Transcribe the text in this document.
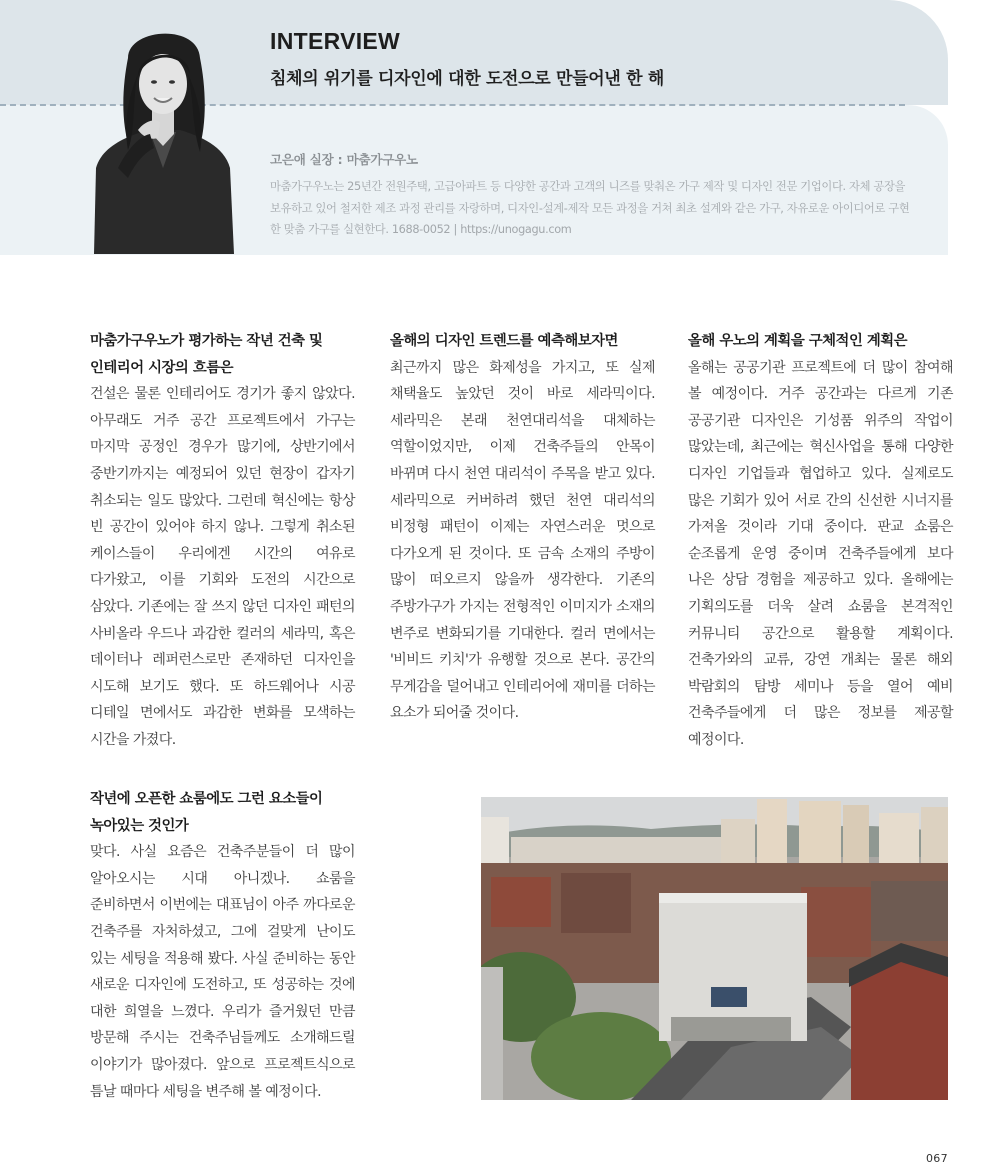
INTERVIEW
침체의 위기를 디자인에 대한 도전으로 만들어낸 한 해
고은애 실장 : 마춤가구우노
마춤가구우노는 25년간 전원주택, 고급아파트 등 다양한 공간과 고객의 니즈를 맞춰온 가구 제작 및 디자인 전문 기업이다. 자체 공장을 보유하고 있어 철저한 제조 과정 관리를 자랑하며, 디자인-설계-제작 모든 과정을 거쳐 최초 설계와 같은 가구, 자유로운 아이디어로 구현한 맞춤 가구를 실현한다. 1688-0052 | https://unogagu.com
마춤가구우노가 평가하는 작년 건축 및 인테리어 시장의 흐름은

건설은 물론 인테리어도 경기가 좋지 않았다. 아무래도 거주 공간 프로젝트에서 가구는 마지막 공정인 경우가 많기에, 상반기에서 중반기까지는 예정되어 있던 현장이 갑자기 취소되는 일도 많았다. 그런데 혁신에는 항상 빈 공간이 있어야 하지 않나. 그렇게 취소된 케이스들이 우리에겐 시간의 여유로 다가왔고, 이를 기회와 도전의 시간으로 삼았다. 기존에는 잘 쓰지 않던 디자인 패턴의 사비올라 우드나 과감한 컬러의 세라믹, 혹은 데이터나 레퍼런스로만 존재하던 디자인을 시도해 보기도 했다. 또 하드웨어나 시공 디테일 면에서도 과감한 변화를 모색하는 시간을 가졌다.

작년에 오픈한 쇼룸에도 그런 요소들이 녹아있는 것인가

맞다. 사실 요즘은 건축주분들이 더 많이 알아오시는 시대 아니겠나. 쇼룸을 준비하면서 이번에는 대표님이 아주 까다로운 건축주를 자처하셨고, 그에 걸맞게 난이도 있는 세팅을 적용해 봤다. 사실 준비하는 동안 새로운 디자인에 도전하고, 또 성공하는 것에 대한 희열을 느꼈다. 우리가 즐거웠던 만큼 방문해 주시는 건축주님들께도 소개해드릴 이야기가 많아졌다. 앞으로 프로젝트식으로 틈날 때마다 세팅을 변주해 볼 예정이다.

올해의 디자인 트렌드를 예측해보자면

최근까지 많은 화제성을 가지고, 또 실제 채택율도 높았던 것이 바로 세라믹이다. 세라믹은 본래 천연대리석을 대체하는 역할이었지만, 이제 건축주들의 안목이 바뀌며 다시 천연 대리석이 주목을 받고 있다. 세라믹으로 커버하려 했던 천연 대리석의 비정형 패턴이 이제는 자연스러운 멋으로 다가오게 된 것이다. 또 금속 소재의 주방이 많이 떠오르지 않을까 생각한다. 기존의 주방가구가 가지는 전형적인 이미지가 소재의 변주로 변화되기를 기대한다. 컬러 면에서는 '비비드 키치'가 유행할 것으로 본다. 공간의 무게감을 덜어내고 인테리어에 재미를 더하는 요소가 되어줄 것이다.

올해 우노의 계획을 구체적인 계획은

올해는 공공기관 프로젝트에 더 많이 참여해 볼 예정이다. 거주 공간과는 다르게 기존 공공기관 디자인은 기성품 위주의 작업이 많았는데, 최근에는 혁신사업을 통해 다양한 디자인 기업들과 협업하고 있다. 실제로도 많은 기회가 있어 서로 간의 신선한 시너지를 가져올 것이라 기대 중이다. 판교 쇼룸은 순조롭게 운영 중이며 건축주들에게 보다 나은 상담 경험을 제공하고 있다. 올해에는 기획의도를 더욱 살려 쇼룸을 본격적인 커뮤니티 공간으로 활용할 계획이다. 건축가와의 교류, 강연 개최는 물론 해외 박람회의 탐방 세미나 등을 열어 예비 건축주들에게 더 많은 정보를 제공할 예정이다.

067
